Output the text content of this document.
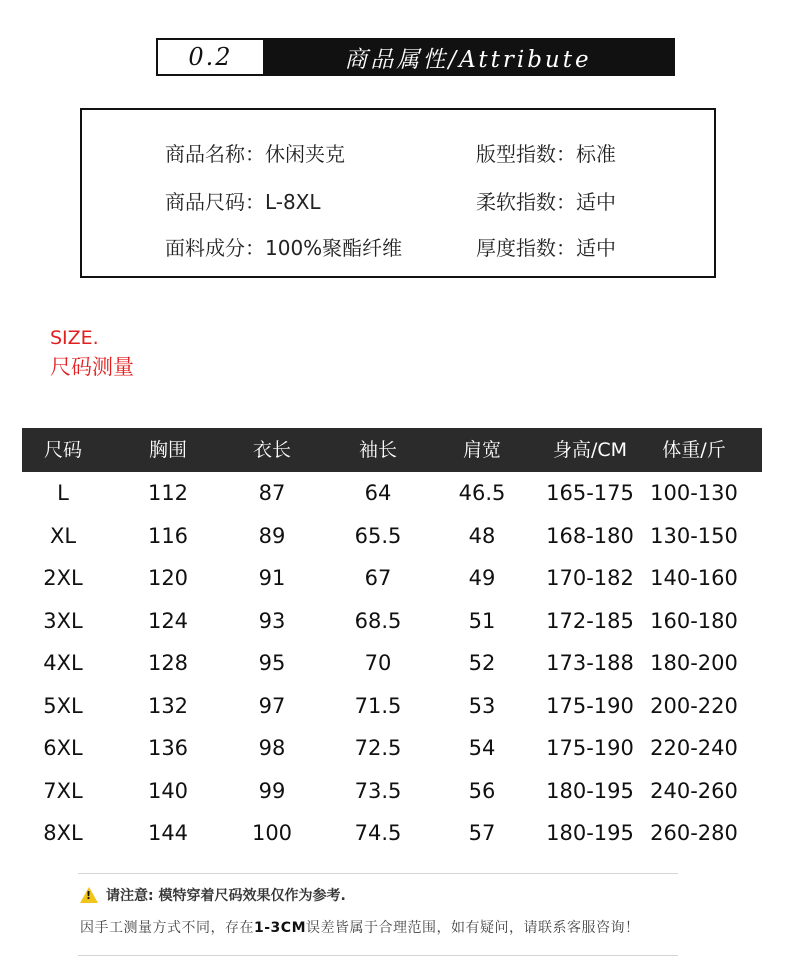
0.2	商品属性/Attribute
商品名称：休闲夹克	版型指数：标准
商品尺码：L-8XL	柔软指数：适中
面料成分：100%聚酯纤维	厚度指数：适中
SIZE.
尺码测量
尺码	胸围	衣长	袖长	肩宽	身高/CM 体重/斤
L	112	87	64	46.5 165-175 100-130
XL	116	89	65.5	48 168-180 130-150
2XL	120	91	67	49 170-182 140-160
3XL	124	93	68.5	51 172-185 160-180
4XL	128	95	70	52 173-188 180-200
5XL	132	97	71.5	53 175-190 200-220
6XL	136	98	72.5	54 175-190 220-240
7XL	140	99	73.5	56 180-195 240-260
8XL	144	100	74.5	57 180-195 260-280
! 请注意: 模特穿着尺码效果仅作为参考.
因手工测量方式不同，存在1-3CM误差皆属于合理范围，如有疑问，请联系客服咨询！
